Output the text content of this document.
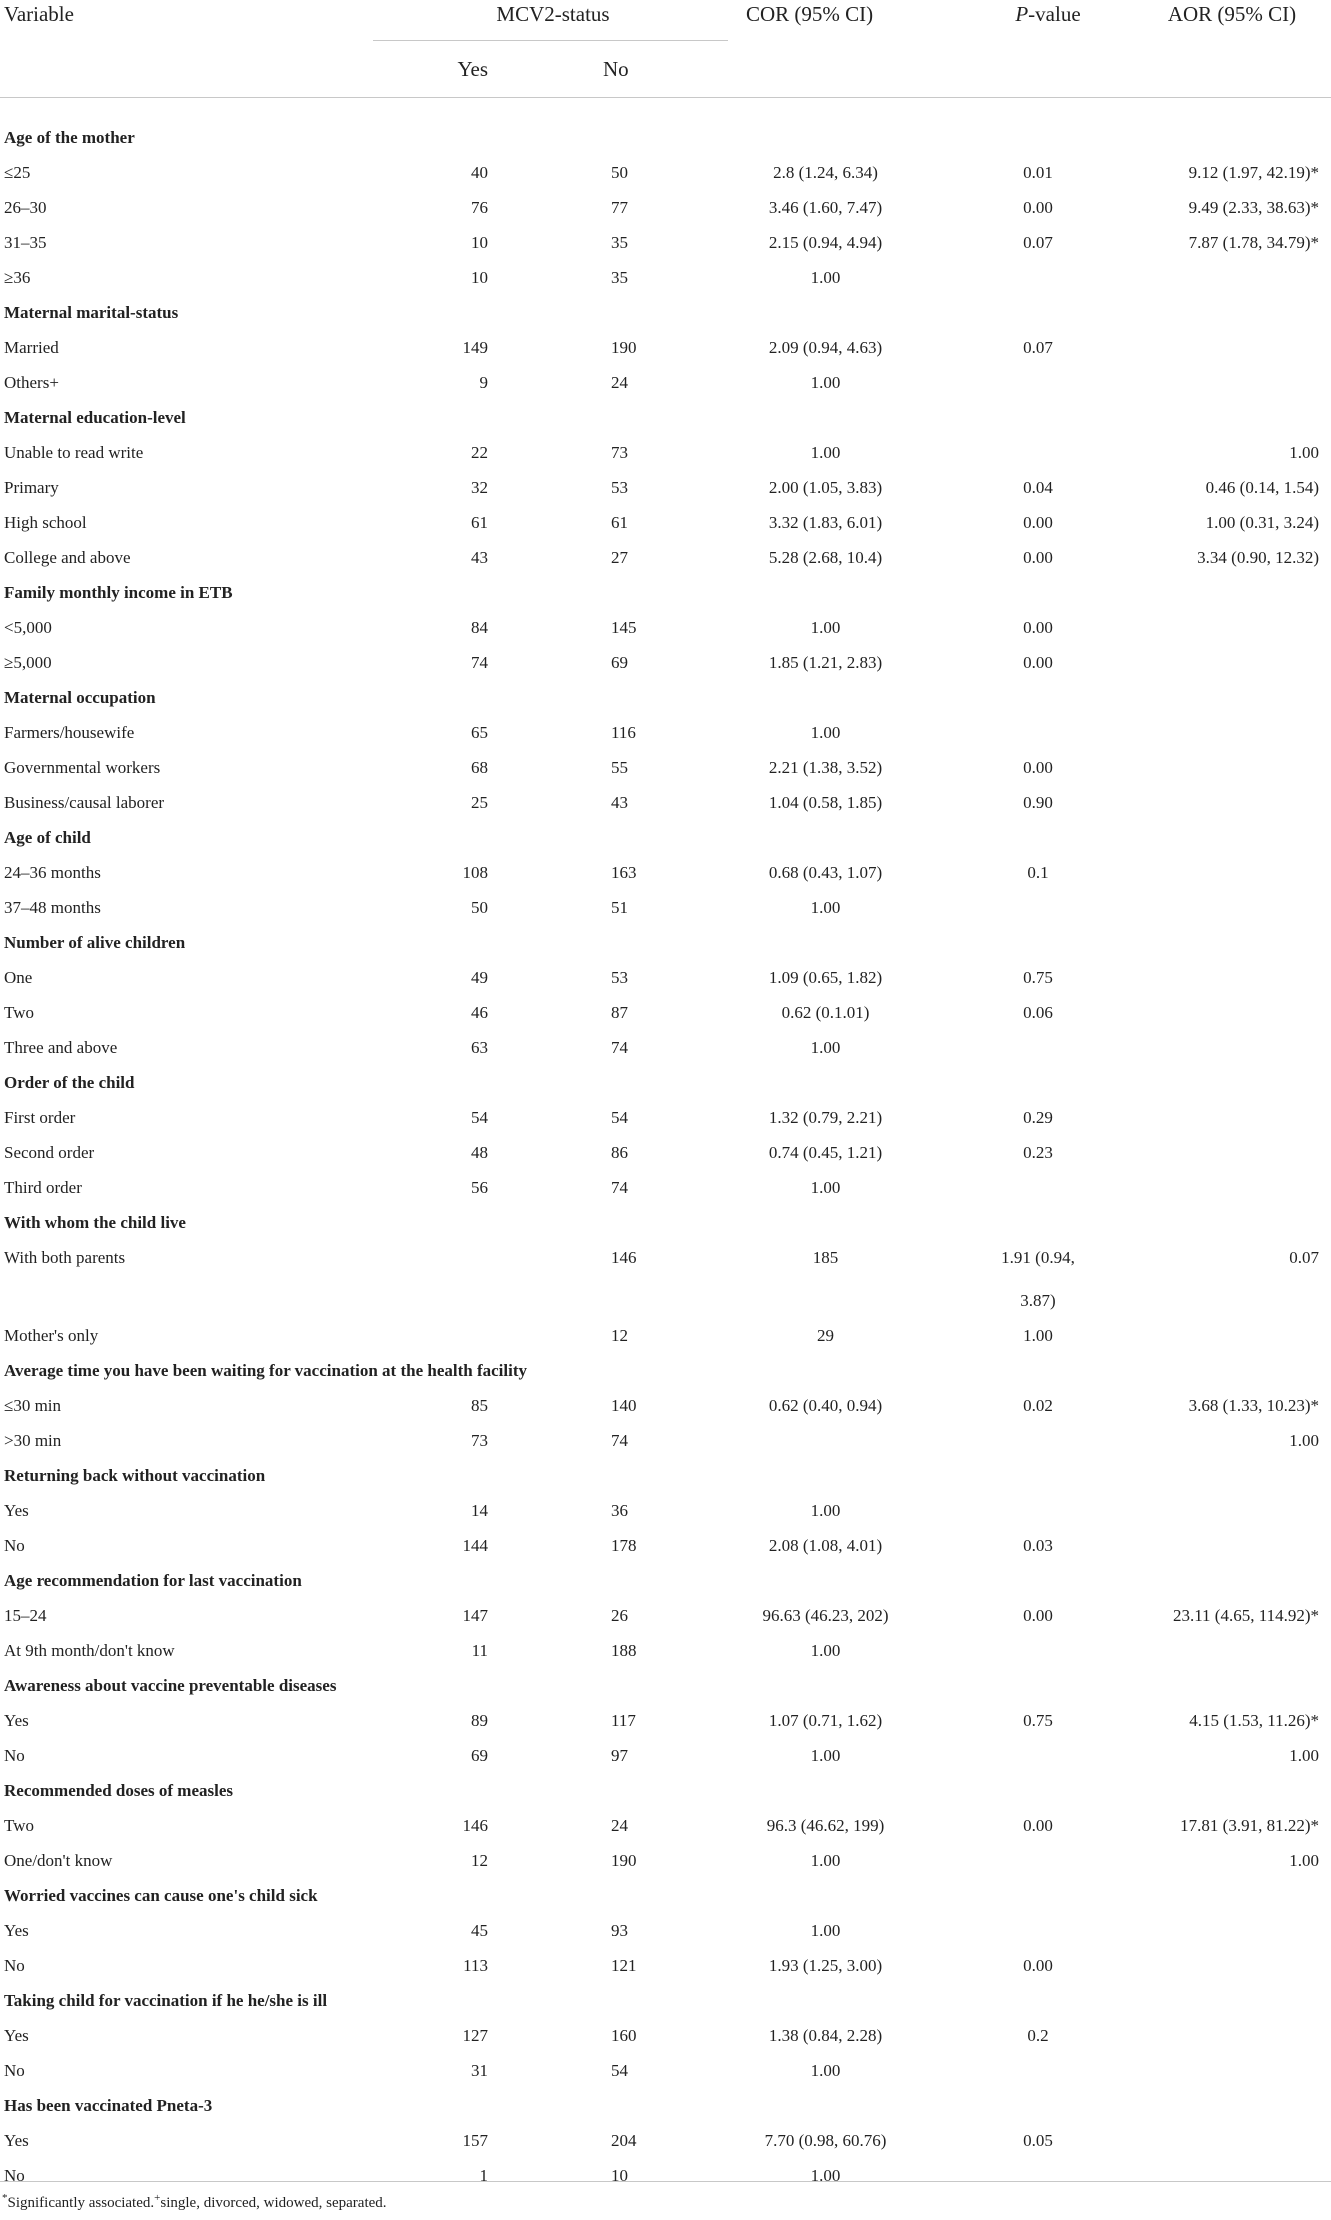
Variable	MCV2-status		COR (95% CI)	P-value	AOR (95% CI)
	Yes	No			

Age of the mother					
≤25	40	50	2.8 (1.24, 6.34)	0.01	9.12 (1.97, 42.19)*
26–30	76	77	3.46 (1.60, 7.47)	0.00	9.49 (2.33, 38.63)*
31–35	10	35	2.15 (0.94, 4.94)	0.07	7.87 (1.78, 34.79)*
≥36	10	35	1.00		
Maternal marital-status					
Married	149	190	2.09 (0.94, 4.63)	0.07	
Others+	9	24	1.00		
Maternal education-level					
Unable to read write	22	73	1.00		1.00
Primary	32	53	2.00 (1.05, 3.83)	0.04	0.46 (0.14, 1.54)
High school	61	61	3.32 (1.83, 6.01)	0.00	1.00 (0.31, 3.24)
College and above	43	27	5.28 (2.68, 10.4)	0.00	3.34 (0.90, 12.32)
Family monthly income in ETB					
<5,000	84	145	1.00	0.00	
≥5,000	74	69	1.85 (1.21, 2.83)	0.00	
Maternal occupation					
Farmers/housewife	65	116	1.00		
Governmental workers	68	55	2.21 (1.38, 3.52)	0.00	
Business/causal laborer	25	43	1.04 (0.58, 1.85)	0.90	
Age of child					
24–36 months	108	163	0.68 (0.43, 1.07)	0.1	
37–48 months	50	51	1.00		
Number of alive children					
One	49	53	1.09 (0.65, 1.82)	0.75	
Two	46	87	0.62 (0.1.01)	0.06	
Three and above	63	74	1.00		
Order of the child					
First order	54	54	1.32 (0.79, 2.21)	0.29	
Second order	48	86	0.74 (0.45, 1.21)	0.23	
Third order	56	74	1.00		
With whom the child live					
With both parents		146	185	1.91 (0.94,	0.07
				3.87)	
Mother's only		12	29	1.00	
Average time you have been waiting for vaccination at the health facility					
≤30 min	85	140	0.62 (0.40, 0.94)	0.02	3.68 (1.33, 10.23)*
>30 min	73	74			1.00
Returning back without vaccination					
Yes	14	36	1.00		
No	144	178	2.08 (1.08, 4.01)	0.03	
Age recommendation for last vaccination					
15–24	147	26	96.63 (46.23, 202)	0.00	23.11 (4.65, 114.92)*
At 9th month/don't know	11	188	1.00		
Awareness about vaccine preventable diseases					
Yes	89	117	1.07 (0.71, 1.62)	0.75	4.15 (1.53, 11.26)*
No	69	97	1.00		1.00
Recommended doses of measles					
Two	146	24	96.3 (46.62, 199)	0.00	17.81 (3.91, 81.22)*
One/don't know	12	190	1.00		1.00
Worried vaccines can cause one's child sick					
Yes	45	93	1.00		
No	113	121	1.93 (1.25, 3.00)	0.00	
Taking child for vaccination if he he/she is ill					
Yes	127	160	1.38 (0.84, 2.28)	0.2	
No	31	54	1.00		
Has been vaccinated Pneta-3					
Yes	157	204	7.70 (0.98, 60.76)	0.05	
No	1	10	1.00		
*Significantly associated.+single, divorced, widowed, separated.
